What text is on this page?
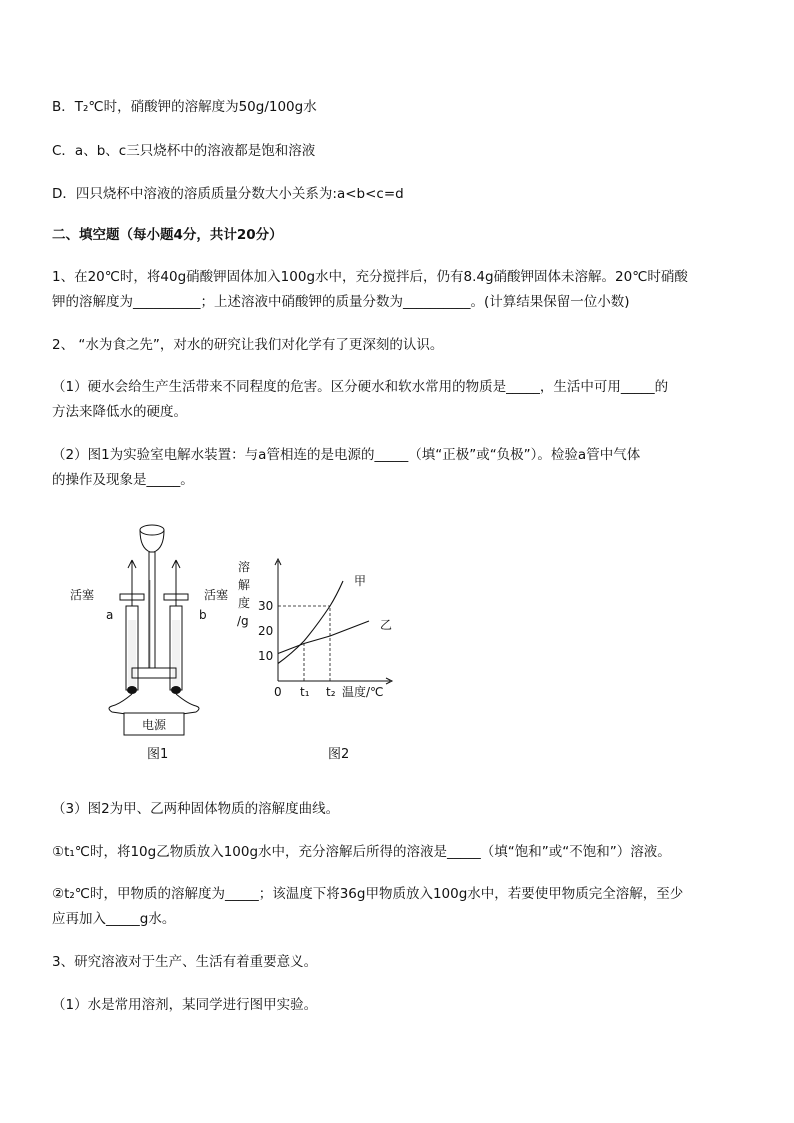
B．T₂℃时，硝酸钾的溶解度为50g/100g水
C．a、b、c三只烧杯中的溶液都是饱和溶液
D．四只烧杯中溶液的溶质质量分数大小关系为:a<b<c=d
二、填空题（每小题4分，共计20分）
1、在20℃时，将40g硝酸钾固体加入100g水中，充分搅拌后，仍有8.4g硝酸钾固体未溶解。20℃时硝酸
钾的溶解度为__________；上述溶液中硝酸钾的质量分数为__________。(计算结果保留一位小数)
2、 “水为食之先”，对水的研究让我们对化学有了更深刻的认识。
（1）硬水会给生产生活带来不同程度的危害。区分硬水和软水常用的物质是_____，生活中可用_____的
方法来降低水的硬度。
（2）图1为实验室电解水装置：与a管相连的是电源的_____（填“正极”或“负极”）。检验a管中气体
的操作及现象是_____。
电源
活塞	活塞
a	b
图1
溶
解
度
/g
10
20
30
t₁ t₂
0	温度/℃
甲
乙
图2
（3）图2为甲、乙两种固体物质的溶解度曲线。
①t₁℃时，将10g乙物质放入100g水中，充分溶解后所得的溶液是_____（填“饱和”或“不饱和”）溶液。
②t₂℃时，甲物质的溶解度为_____；该温度下将36g甲物质放入100g水中，若要使甲物质完全溶解，至少
应再加入_____g水。
3、研究溶液对于生产、生活有着重要意义。
（1）水是常用溶剂，某同学进行图甲实验。
